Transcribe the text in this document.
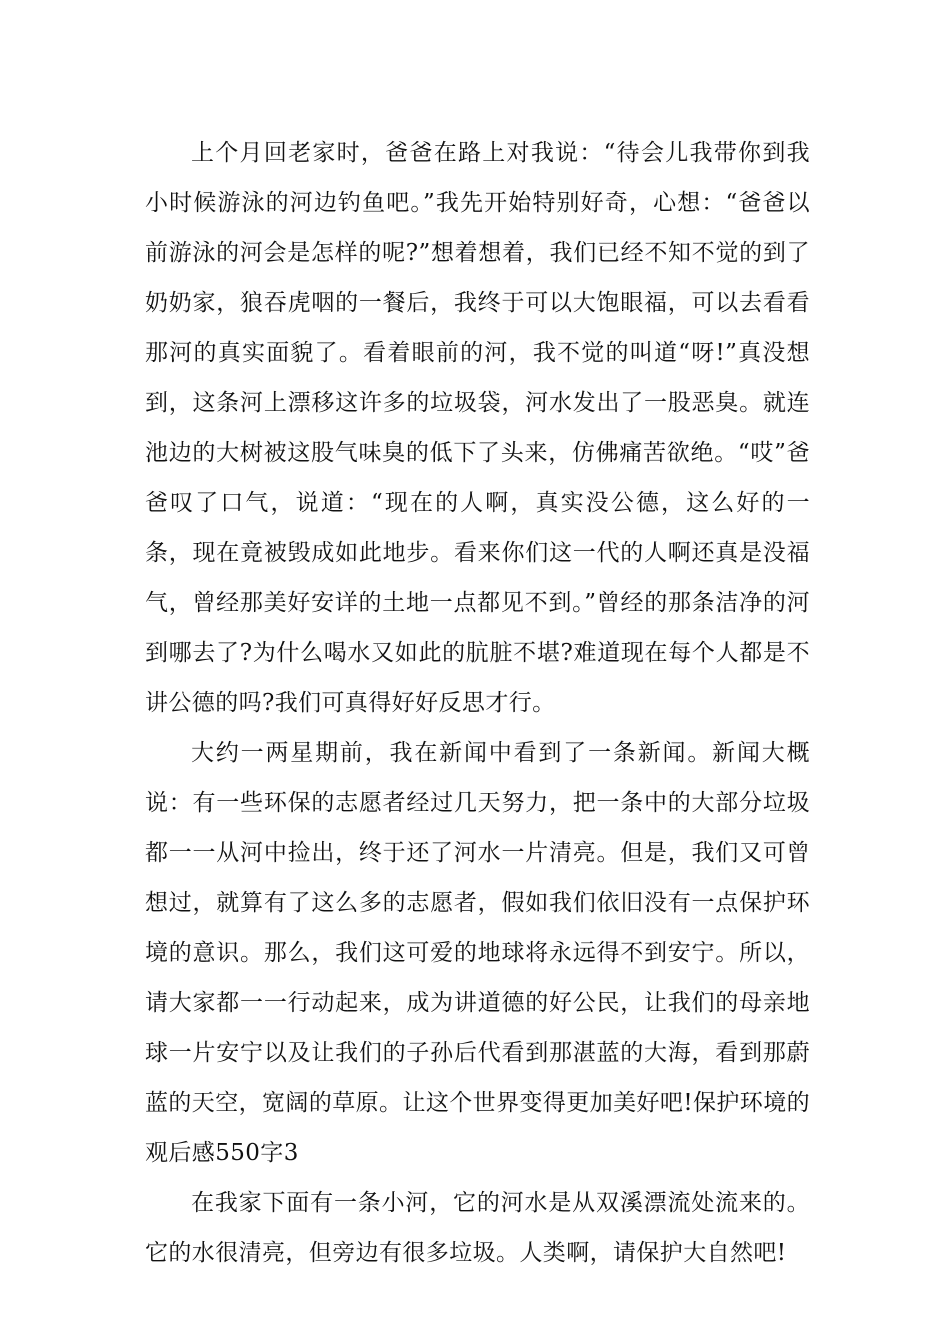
上个月回老家时，爸爸在路上对我说：“待会儿我带你到我小时候游泳的河边钓鱼吧。”我先开始特别好奇，心想：“爸爸以前游泳的河会是怎样的呢?”想着想着，我们已经不知不觉的到了奶奶家，狼吞虎咽的一餐后，我终于可以大饱眼福，可以去看看那河的真实面貌了。看着眼前的河，我不觉的叫道“呀!”真没想到，这条河上漂移这许多的垃圾袋，河水发出了一股恶臭。就连池边的大树被这股气味臭的低下了头来，仿佛痛苦欲绝。“哎”爸爸叹了口气，说道：“现在的人啊，真实没公德，这么好的一条，现在竟被毁成如此地步。看来你们这一代的人啊还真是没福气，曾经那美好安详的土地一点都见不到。”曾经的那条洁净的河到哪去了?为什么喝水又如此的肮脏不堪?难道现在每个人都是不讲公德的吗?我们可真得好好反思才行。

大约一两星期前，我在新闻中看到了一条新闻。新闻大概说：有一些环保的志愿者经过几天努力，把一条中的大部分垃圾都一一从河中捡出，终于还了河水一片清亮。但是，我们又可曾想过，就算有了这么多的志愿者，假如我们依旧没有一点保护环境的意识。那么，我们这可爱的地球将永远得不到安宁。所以，请大家都一一行动起来，成为讲道德的好公民，让我们的母亲地球一片安宁以及让我们的子孙后代看到那湛蓝的大海，看到那蔚蓝的天空，宽阔的草原。让这个世界变得更加美好吧!保护环境的观后感550字3

在我家下面有一条小河，它的河水是从双溪漂流处流来的。它的水很清亮，但旁边有很多垃圾。人类啊，请保护大自然吧!
